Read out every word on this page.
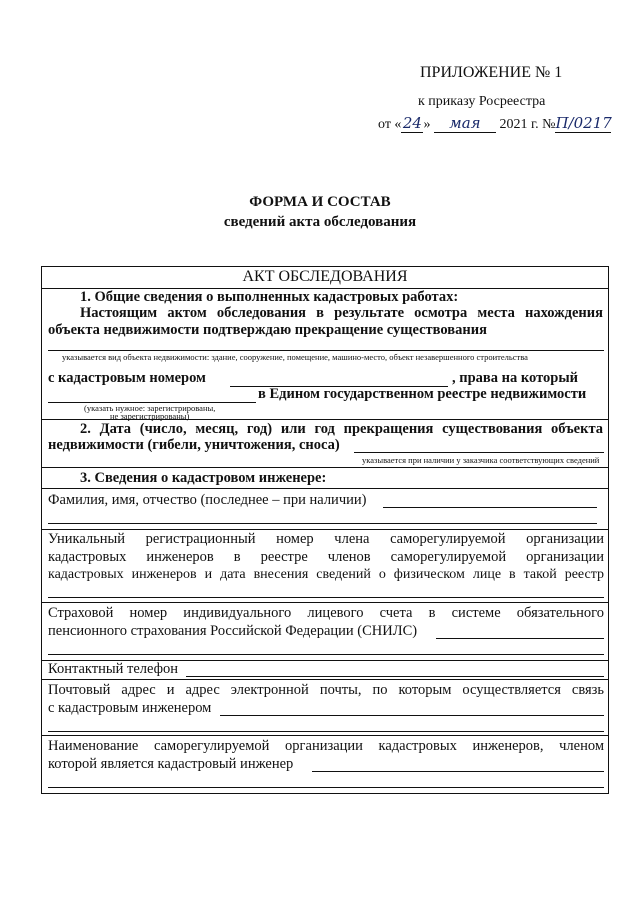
ПРИЛОЖЕНИЕ № 1
к приказу Росреестра
от «24» мая 2021 г. №П/0217
ФОРМА И СОСТАВ
сведений акта обследования
АКТ ОБСЛЕДОВАНИЯ
1. Общие сведения о выполненных кадастровых работах:
Настоящим актом обследования в результате осмотра места нахождения
объекта недвижимости подтверждаю прекращение существования
указывается вид объекта недвижимости: здание, сооружение, помещение, машино-место, объект незавершенного строительства
с кадастровым номером	, права на который
в Едином государственном реестре недвижимости
(указать нужное: зарегистрированы,
не зарегистрированы)
2. Дата (число, месяц, год) или год прекращения существования объекта
недвижимости (гибели, уничтожения, сноса)
указывается при наличии у заказчика соответствующих сведений
3. Сведения о кадастровом инженере:
Фамилия, имя, отчество (последнее – при наличии)
Уникальный регистрационный номер члена саморегулируемой организации
кадастровых инженеров в реестре членов саморегулируемой организации
кадастровых инженеров и дата внесения сведений о физическом лице в такой реестр
Страховой номер индивидуального лицевого счета в системе обязательного
пенсионного страхования Российской Федерации (СНИЛС)
Контактный телефон
Почтовый адрес и адрес электронной почты, по которым осуществляется связь
с кадастровым инженером
Наименование саморегулируемой организации кадастровых инженеров, членом
которой является кадастровый инженер
